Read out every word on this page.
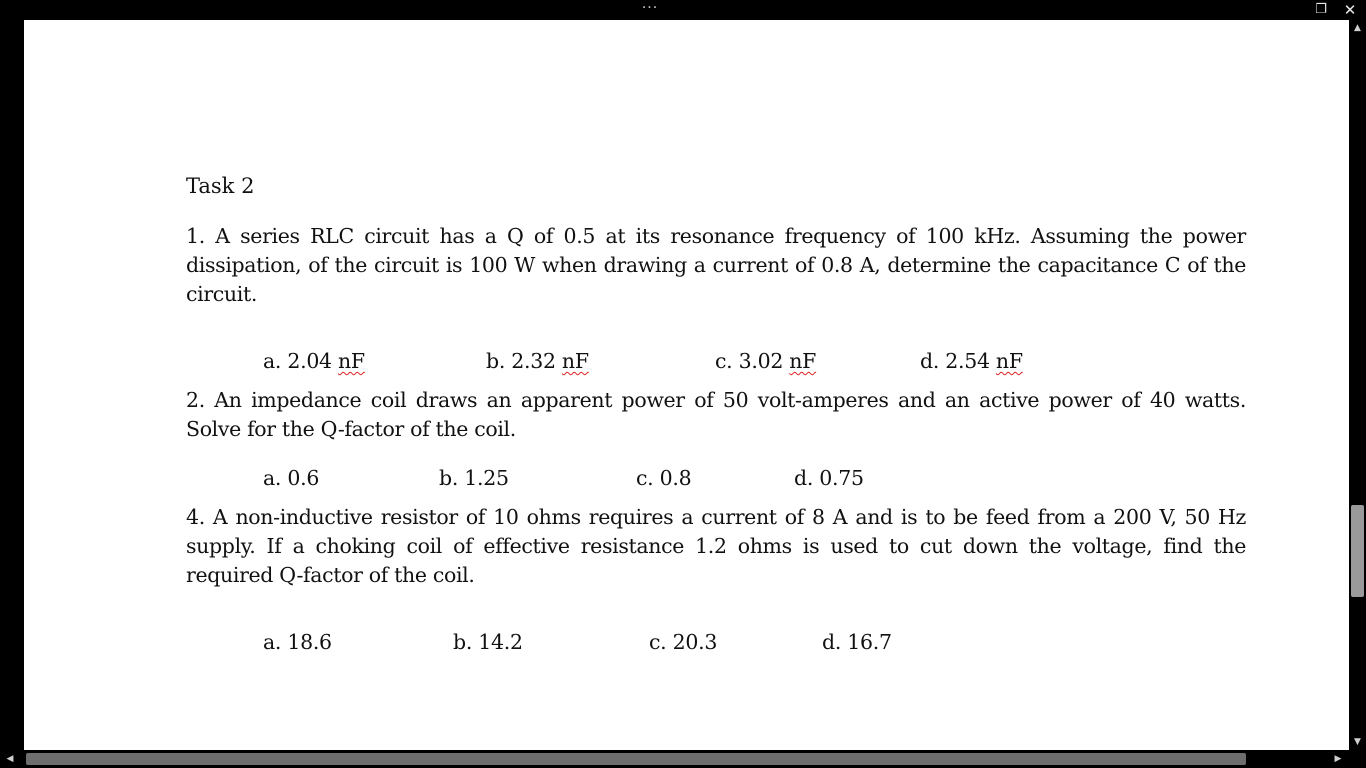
···	❐ ✕
Task 2
1. A series RLC circuit has a Q of 0.5 at its resonance frequency of 100 kHz. Assuming the power dissipation, of the circuit is 100 W when drawing a current of 0.8 A, determine the capacitance C of the circuit.
a. 2.04 nF	b. 2.32 nF	c. 3.02 nF	d. 2.54 nF
2. An impedance coil draws an apparent power of 50 volt-amperes and an active power of 40 watts. Solve for the Q-factor of the coil.
a. 0.6	b. 1.25	c. 0.8	d. 0.75
4. A non-inductive resistor of 10 ohms requires a current of 8 A and is to be feed from a 200 V, 50 Hz supply. If a choking coil of effective resistance 1.2 ohms is used to cut down the voltage, find the required Q-factor of the coil.
a. 18.6	b. 14.2	c. 20.3	d. 16.7
▲
▼
◀	▶
